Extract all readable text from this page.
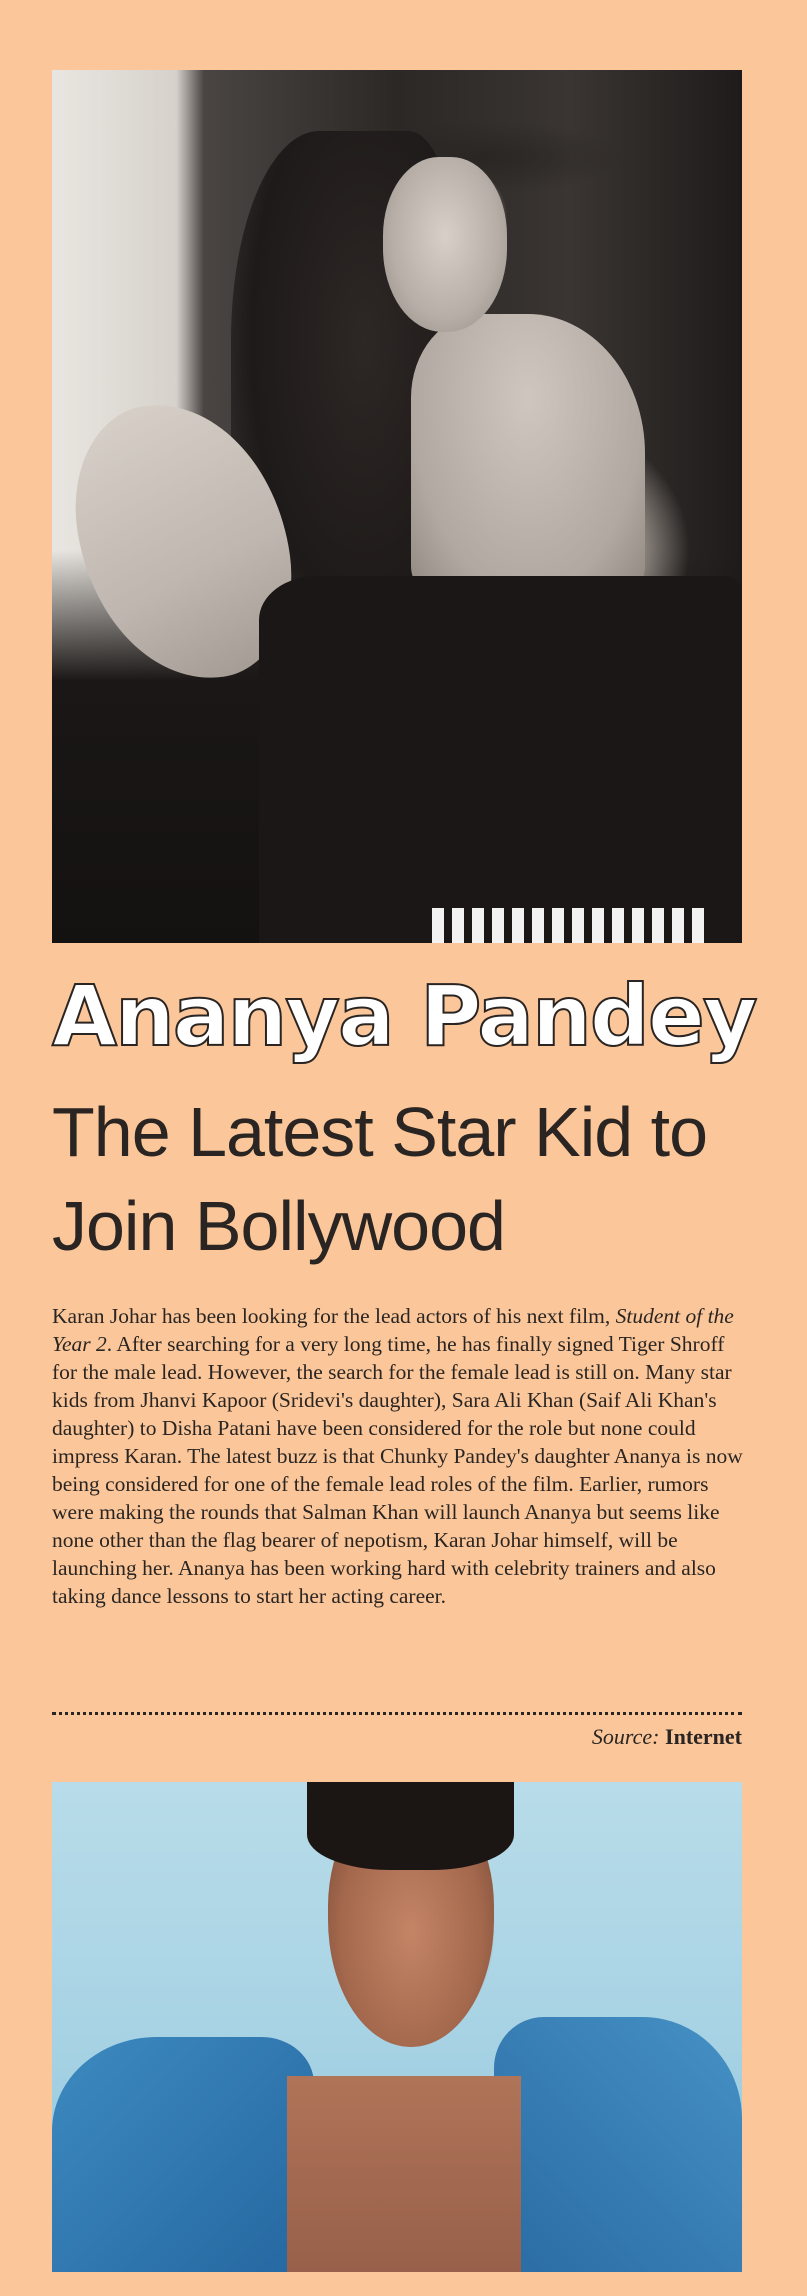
Ananya Pandey
The Latest Star Kid to Join Bollywood

Karan Johar has been looking for the lead actors of his next film, Student of the Year 2. After searching for a very long time, he has finally signed Tiger Shroff for the male lead. However, the search for the female lead is still on. Many star kids from Jhanvi Kapoor (Sridevi's daughter), Sara Ali Khan (Saif Ali Khan's daughter) to Disha Patani have been considered for the role but none could impress Karan. The latest buzz is that Chunky Pandey's daughter Ananya is now being considered for one of the female lead roles of the film. Earlier, rumors were making the rounds that Salman Khan will launch Ananya but seems like none other than the flag bearer of nepotism, Karan Johar himself, will be launching her. Ananya has been working hard with celebrity trainers and also taking dance lessons to start her acting career.

Source: Internet
